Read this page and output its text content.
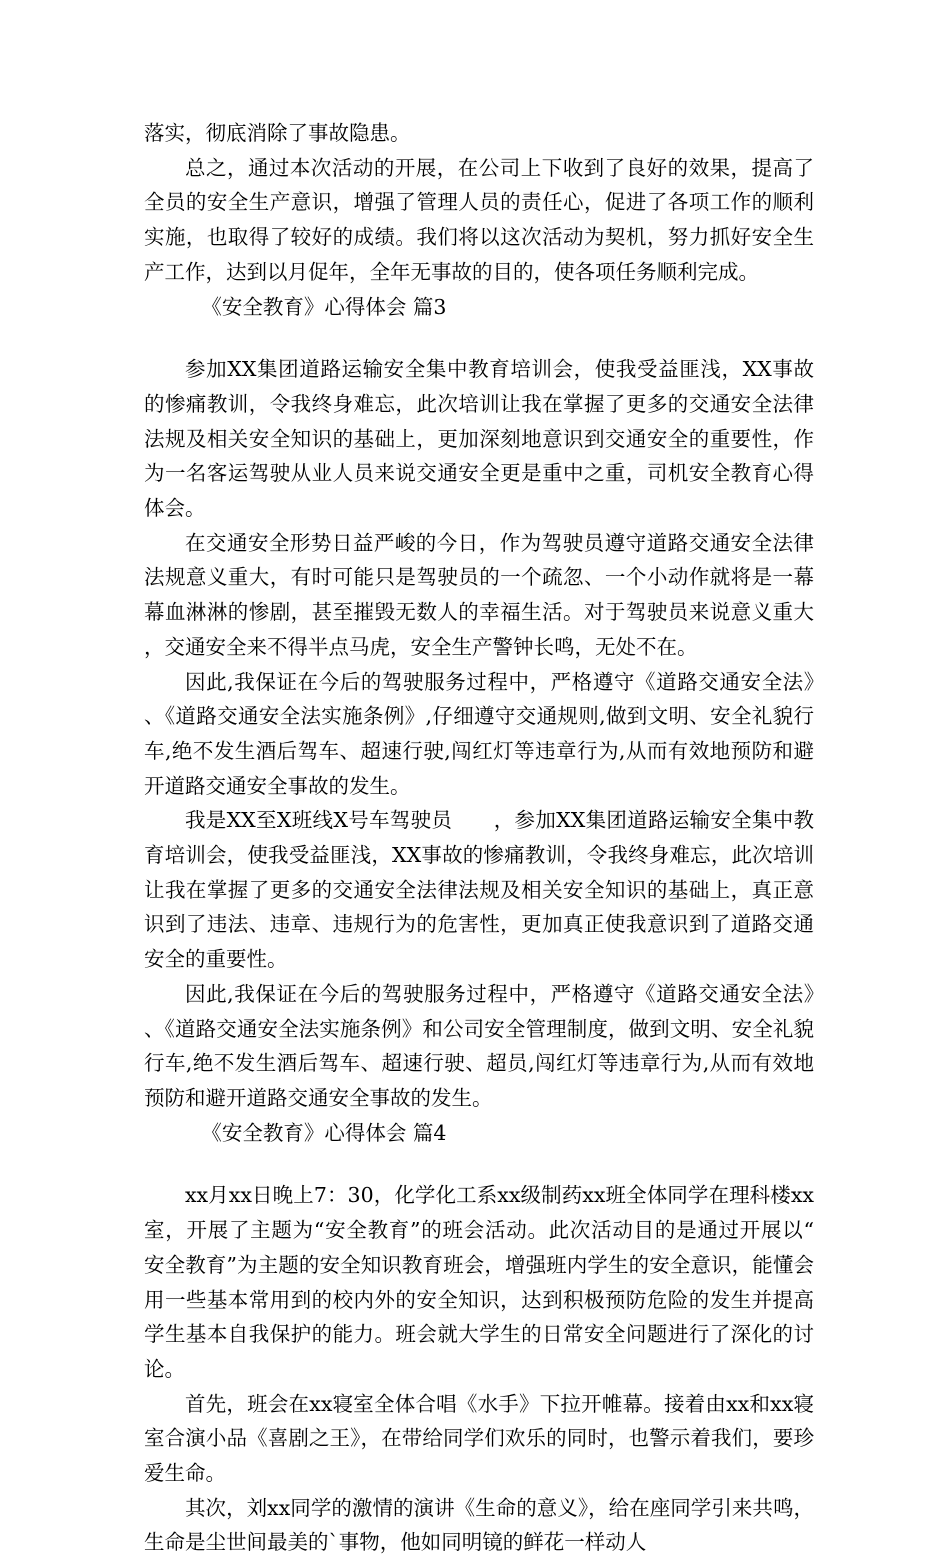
落实，彻底消除了事故隐患。

总之，通过本次活动的开展，在公司上下收到了良好的效果，提高了全员的安全生产意识，增强了管理人员的责任心，促进了各项工作的顺利实施，也取得了较好的成绩。我们将以这次活动为契机，努力抓好安全生产工作，达到以月促年，全年无事故的目的，使各项任务顺利完成。

《安全教育》心得体会 篇3

参加XX集团道路运输安全集中教育培训会，使我受益匪浅，XX事故的惨痛教训，令我终身难忘，此次培训让我在掌握了更多的交通安全法律法规及相关安全知识的基础上，更加深刻地意识到交通安全的重要性，作为一名客运驾驶从业人员来说交通安全更是重中之重，司机安全教育心得体会。

在交通安全形势日益严峻的今日，作为驾驶员遵守道路交通安全法律法规意义重大，有时可能只是驾驶员的一个疏忽、一个小动作就将是一幕幕血淋淋的惨剧，甚至摧毁无数人的幸福生活。对于驾驶员来说意义重大，交通安全来不得半点马虎，安全生产警钟长鸣，无处不在。

因此,我保证在今后的驾驶服务过程中，严格遵守《道路交通安全法》、《道路交通安全法实施条例》,仔细遵守交通规则,做到文明、安全礼貌行车,绝不发生酒后驾车、超速行驶,闯红灯等违章行为,从而有效地预防和避开道路交通安全事故的发生。

我是XX至X班线X号车驾驶员　　，参加XX集团道路运输安全集中教育培训会，使我受益匪浅，XX事故的惨痛教训，令我终身难忘，此次培训让我在掌握了更多的交通安全法律法规及相关安全知识的基础上，真正意识到了违法、违章、违规行为的危害性，更加真正使我意识到了道路交通安全的重要性。

因此,我保证在今后的驾驶服务过程中，严格遵守《道路交通安全法》、《道路交通安全法实施条例》和公司安全管理制度，做到文明、安全礼貌行车,绝不发生酒后驾车、超速行驶、超员,闯红灯等违章行为,从而有效地预防和避开道路交通安全事故的发生。

《安全教育》心得体会 篇4

xx月xx日晚上7：30，化学化工系xx级制药xx班全体同学在理科楼xx室，开展了主题为“安全教育”的班会活动。此次活动目的是通过开展以“ 安全教育”为主题的安全知识教育班会，增强班内学生的安全意识，能懂会用一些基本常用到的校内外的安全知识，达到积极预防危险的发生并提高学生基本自我保护的能力。班会就大学生的日常安全问题进行了深化的讨论。

首先，班会在xx寝室全体合唱《水手》下拉开帷幕。接着由xx和xx寝室合演小品《喜剧之王》，在带给同学们欢乐的同时，也警示着我们，要珍爱生命。

其次，刘xx同学的激情的演讲《生命的意义》，给在座同学引来共鸣，生命是尘世间最美的`事物，他如同明镜的鲜花一样动人
